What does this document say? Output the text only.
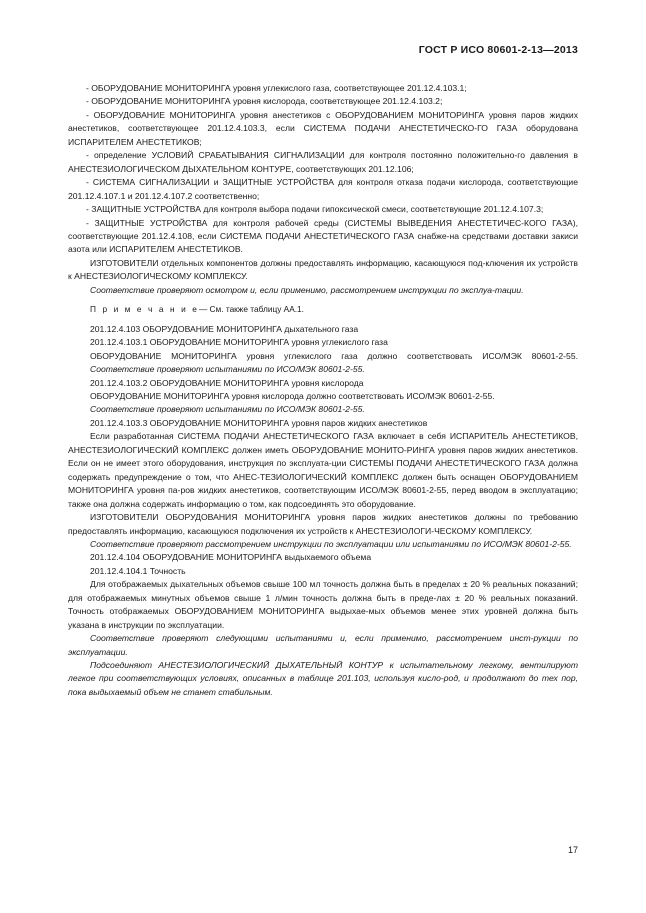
ГОСТ Р ИСО 80601-2-13—2013

- ОБОРУДОВАНИЕ МОНИТОРИНГА уровня углекислого газа, соответствующее 201.12.4.103.1;

- ОБОРУДОВАНИЕ МОНИТОРИНГА уровня кислорода, соответствующее 201.12.4.103.2;

- ОБОРУДОВАНИЕ МОНИТОРИНГА уровня анестетиков с ОБОРУДОВАНИЕМ МОНИТОРИНГА уровня паров жидких анестетиков, соответствующее 201.12.4.103.3, если СИСТЕМА ПОДАЧИ АНЕСТЕТИЧЕСКО-ГО ГАЗА оборудована ИСПАРИТЕЛЕМ АНЕСТЕТИКОВ;

- определение УСЛОВИЙ СРАБАТЫВАНИЯ СИГНАЛИЗАЦИИ для контроля постоянно положительно-го давления в АНЕСТЕЗИОЛОГИЧЕСКОМ ДЫХАТЕЛЬНОМ КОНТУРЕ, соответствующих 201.12.106;

- СИСТЕМА СИГНАЛИЗАЦИИ и ЗАЩИТНЫЕ УСТРОЙСТВА для контроля отказа подачи кислорода, соответствующие 201.12.4.107.1 и 201.12.4.107.2 соответственно;

- ЗАЩИТНЫЕ УСТРОЙСТВА для контроля выбора подачи гипоксической смеси, соответствующие 201.12.4.107.3;

- ЗАЩИТНЫЕ УСТРОЙСТВА для контроля рабочей среды (СИСТЕМЫ ВЫВЕДЕНИЯ АНЕСТЕТИЧЕС-КОГО ГАЗА), соответствующие 201.12.4.108, если СИСТЕМА ПОДАЧИ АНЕСТЕТИЧЕСКОГО ГАЗА снабже-на средствами доставки закиси азота или ИСПАРИТЕЛЕМ АНЕСТЕТИКОВ.

ИЗГОТОВИТЕЛИ отдельных компонентов должны предоставлять информацию, касающуюся под-ключения их устройств к АНЕСТЕЗИОЛОГИЧЕСКОМУ КОМПЛЕКСУ.

Соответствие проверяют осмотром и, если применимо, рассмотрением инструкции по эксплуа-тации.

П р и м е ч а н и е— См. также таблицу АА.1.

201.12.4.103 ОБОРУДОВАНИЕ МОНИТОРИНГА дыхательного газа

201.12.4.103.1 ОБОРУДОВАНИЕ МОНИТОРИНГА уровня углекислого газа

ОБОРУДОВАНИЕ МОНИТОРИНГА уровня углекислого газа должно соответствовать ИСО/МЭК 80601-2-55.

Соответствие проверяют испытаниями по ИСО/МЭК 80601-2-55.

201.12.4.103.2 ОБОРУДОВАНИЕ МОНИТОРИНГА уровня кислорода

ОБОРУДОВАНИЕ МОНИТОРИНГА уровня кислорода должно соответствовать ИСО/МЭК 80601-2-55.

Соответствие проверяют испытаниями по ИСО/МЭК 80601-2-55.

201.12.4.103.3 ОБОРУДОВАНИЕ МОНИТОРИНГА уровня паров жидких анестетиков

Если разработанная СИСТЕМА ПОДАЧИ АНЕСТЕТИЧЕСКОГО ГАЗА включает в себя ИСПАРИТЕЛЬ АНЕСТЕТИКОВ, АНЕСТЕЗИОЛОГИЧЕСКИЙ КОМПЛЕКС должен иметь ОБОРУДОВАНИЕ МОНИТО-РИНГА уровня паров жидких анестетиков. Если он не имеет этого оборудования, инструкция по эксплуата-ции СИСТЕМЫ ПОДАЧИ АНЕСТЕТИЧЕСКОГО ГАЗА должна содержать предупреждение о том, что АНЕС-ТЕЗИОЛОГИЧЕСКИЙ КОМПЛЕКС должен быть оснащен ОБОРУДОВАНИЕМ МОНИТОРИНГА уровня па-ров жидких анестетиков, соответствующим ИСО/МЭК 80601-2-55, перед вводом в эксплуатацию; также она должна содержать информацию о том, как подсоединять это оборудование.

ИЗГОТОВИТЕЛИ ОБОРУДОВАНИЯ МОНИТОРИНГА уровня паров жидких анестетиков должны по требованию предоставлять информацию, касающуюся подключения их устройств к АНЕСТЕЗИОЛОГИ-ЧЕСКОМУ КОМПЛЕКСУ.

Соответствие проверяют рассмотрением инструкции по эксплуатации или испытаниями по ИСО/МЭК 80601-2-55.

201.12.4.104 ОБОРУДОВАНИЕ МОНИТОРИНГА выдыхаемого объема

201.12.4.104.1 Точность

Для отображаемых дыхательных объемов свыше 100 мл точность должна быть в пределах ± 20 % реальных показаний; для отображаемых минутных объемов свыше 1 л/мин точность должна быть в преде-лах ± 20 % реальных показаний. Точность отображаемых ОБОРУДОВАНИЕМ МОНИТОРИНГА выдыхае-мых объемов менее этих уровней должна быть указана в инструкции по эксплуатации.

Соответствие проверяют следующими испытаниями и, если применимо, рассмотрением инст-рукции по эксплуатации.

Подсоединяют АНЕСТЕЗИОЛОГИЧЕСКИЙ ДЫХАТЕЛЬНЫЙ КОНТУР к испытательному легкому, вентилируют легкое при соответствующих условиях, описанных в таблице 201.103, используя кисло-род, и продолжают до тех пор, пока выдыхаемый объем не станет стабильным.

17
